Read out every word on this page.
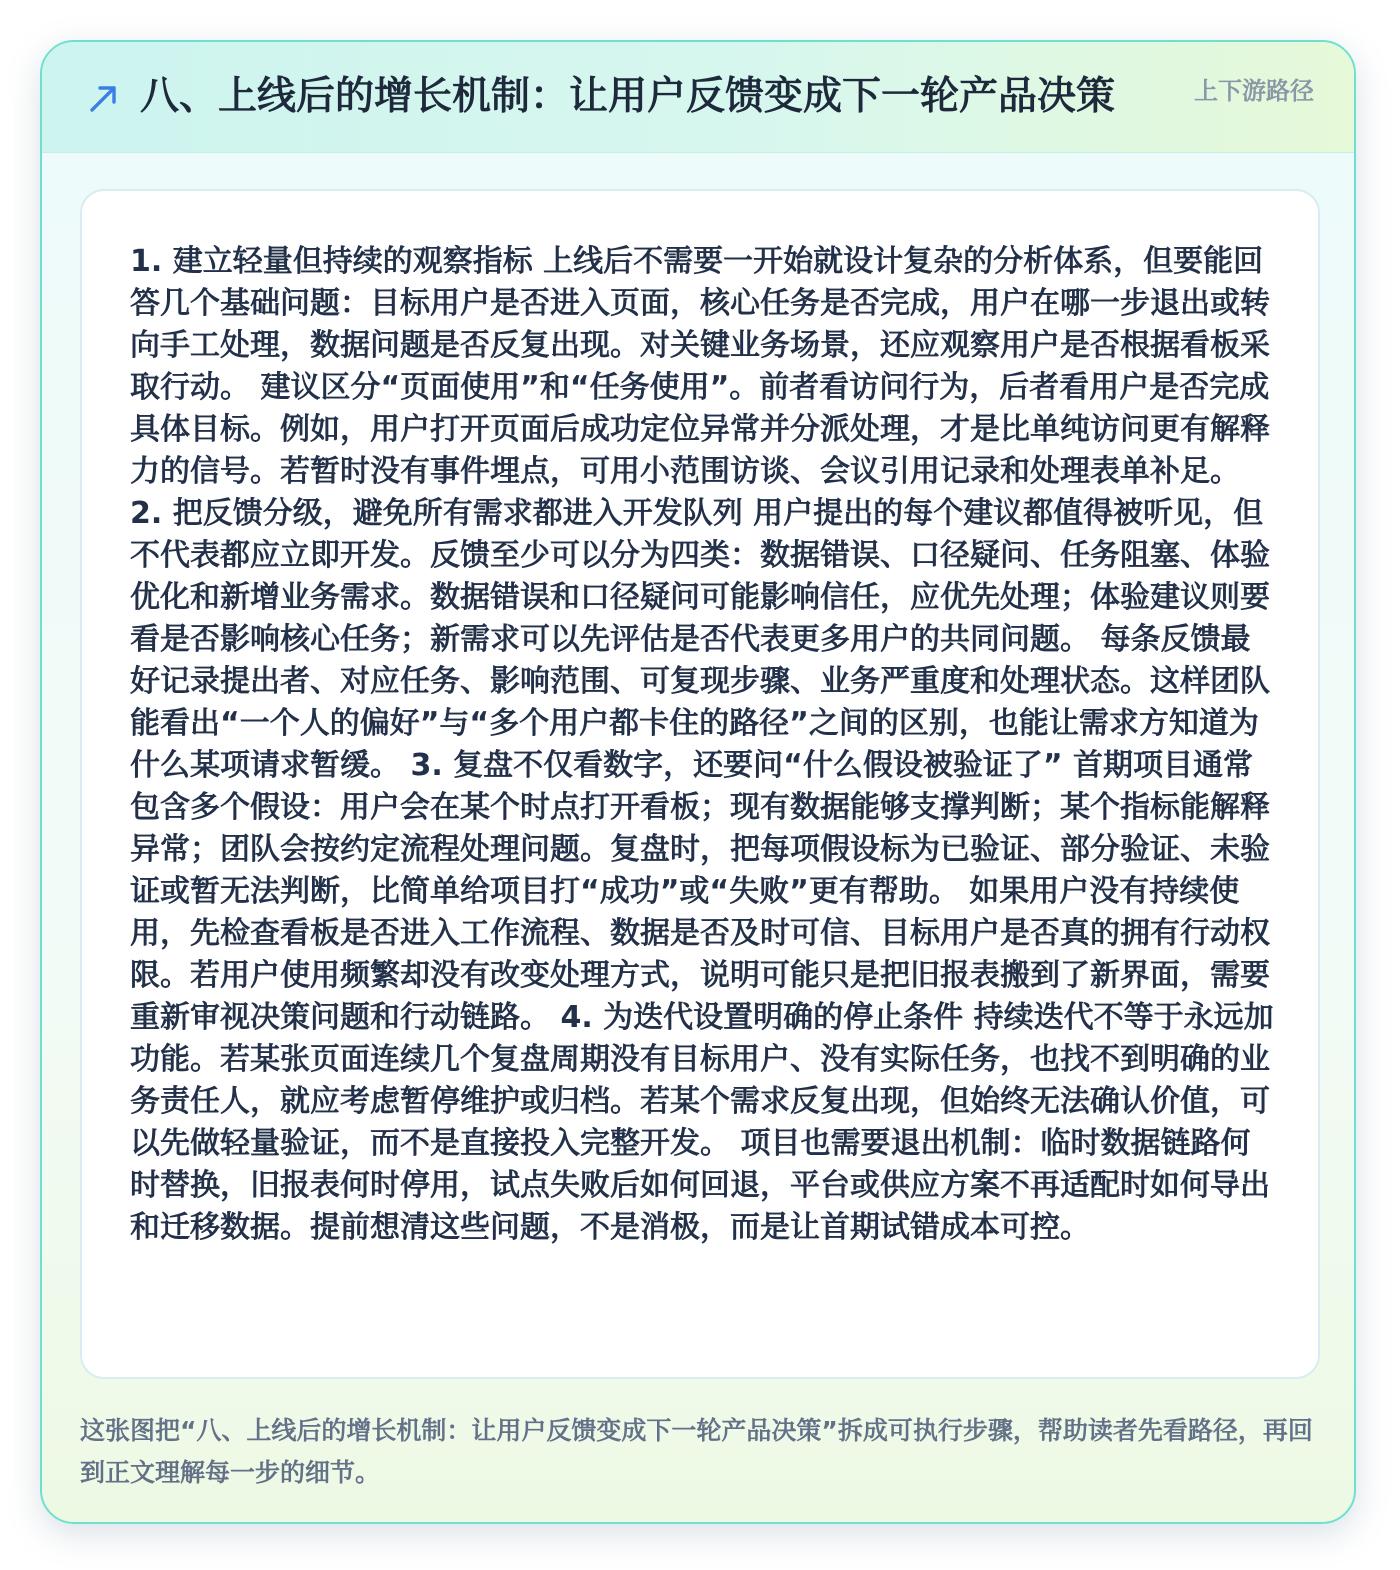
八、上线后的增长机制：让用户反馈变成下一轮产品决策	上下游路径

1. 建立轻量但持续的观察指标 上线后不需要一开始就设计复杂的分析体系，但要能回答几个基础问题：目标用户是否进入页面，核心任务是否完成，用户在哪一步退出或转向手工处理，数据问题是否反复出现。对关键业务场景，还应观察用户是否根据看板采取行动。 建议区分“页面使用”和“任务使用”。前者看访问行为，后者看用户是否完成具体目标。例如，用户打开页面后成功定位异常并分派处理，才是比单纯访问更有解释力的信号。若暂时没有事件埋点，可用小范围访谈、会议引用记录和处理表单补足。 2. 把反馈分级，避免所有需求都进入开发队列 用户提出的每个建议都值得被听见，但不代表都应立即开发。反馈至少可以分为四类：数据错误、口径疑问、任务阻塞、体验优化和新增业务需求。数据错误和口径疑问可能影响信任，应优先处理；体验建议则要看是否影响核心任务；新需求可以先评估是否代表更多用户的共同问题。 每条反馈最好记录提出者、对应任务、影响范围、可复现步骤、业务严重度和处理状态。这样团队能看出“一个人的偏好”与“多个用户都卡住的路径”之间的区别，也能让需求方知道为什么某项请求暂缓。 3. 复盘不仅看数字，还要问“什么假设被验证了” 首期项目通常包含多个假设：用户会在某个时点打开看板；现有数据能够支撑判断；某个指标能解释异常；团队会按约定流程处理问题。复盘时，把每项假设标为已验证、部分验证、未验证或暂无法判断，比简单给项目打“成功”或“失败”更有帮助。 如果用户没有持续使用，先检查看板是否进入工作流程、数据是否及时可信、目标用户是否真的拥有行动权限。若用户使用频繁却没有改变处理方式，说明可能只是把旧报表搬到了新界面，需要重新审视决策问题和行动链路。 4. 为迭代设置明确的停止条件 持续迭代不等于永远加功能。若某张页面连续几个复盘周期没有目标用户、没有实际任务，也找不到明确的业务责任人，就应考虑暂停维护或归档。若某个需求反复出现，但始终无法确认价值，可以先做轻量验证，而不是直接投入完整开发。 项目也需要退出机制：临时数据链路何时替换，旧报表何时停用，试点失败后如何回退，平台或供应方案不再适配时如何导出和迁移数据。提前想清这些问题，不是消极，而是让首期试错成本可控。

这张图把“八、上线后的增长机制：让用户反馈变成下一轮产品决策”拆成可执行步骤，帮助读者先看路径，再回到正文理解每一步的细节。
